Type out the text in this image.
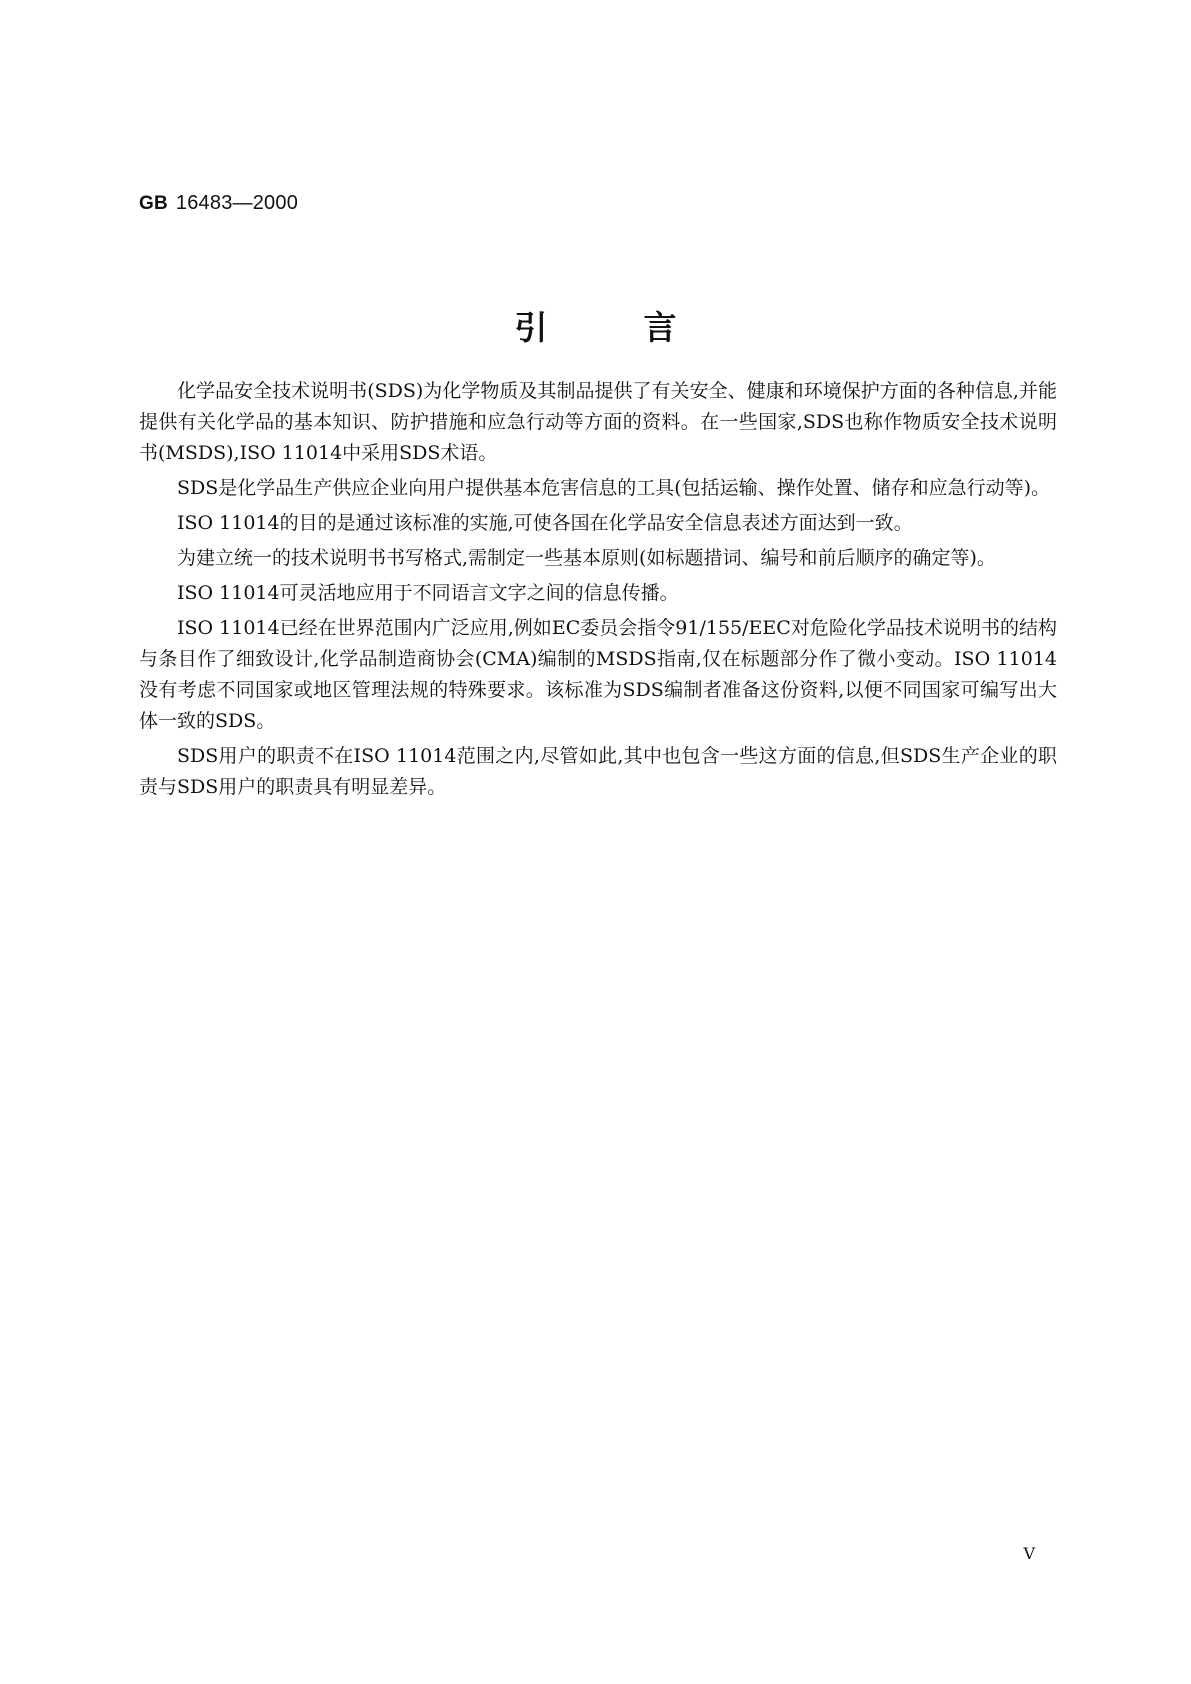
GB 16483—2000
引言

化学品安全技术说明书(SDS)为化学物质及其制品提供了有关安全、健康和环境保护方面的各种信息,并能提供有关化学品的基本知识、防护措施和应急行动等方面的资料。在一些国家,SDS也称作物质安全技术说明书(MSDS),ISO 11014中采用SDS术语。

SDS是化学品生产供应企业向用户提供基本危害信息的工具(包括运输、操作处置、储存和应急行动等)。

ISO 11014的目的是通过该标准的实施,可使各国在化学品安全信息表述方面达到一致。

为建立统一的技术说明书书写格式,需制定一些基本原则(如标题措词、编号和前后顺序的确定等)。

ISO 11014可灵活地应用于不同语言文字之间的信息传播。

ISO 11014已经在世界范围内广泛应用,例如EC委员会指令91/155/EEC对危险化学品技术说明书的结构与条目作了细致设计,化学品制造商协会(CMA)编制的MSDS指南,仅在标题部分作了微小变动。ISO 11014没有考虑不同国家或地区管理法规的特殊要求。该标准为SDS编制者准备这份资料,以便不同国家可编写出大体一致的SDS。

SDS用户的职责不在ISO 11014范围之内,尽管如此,其中也包含一些这方面的信息,但SDS生产企业的职责与SDS用户的职责具有明显差异。

V
